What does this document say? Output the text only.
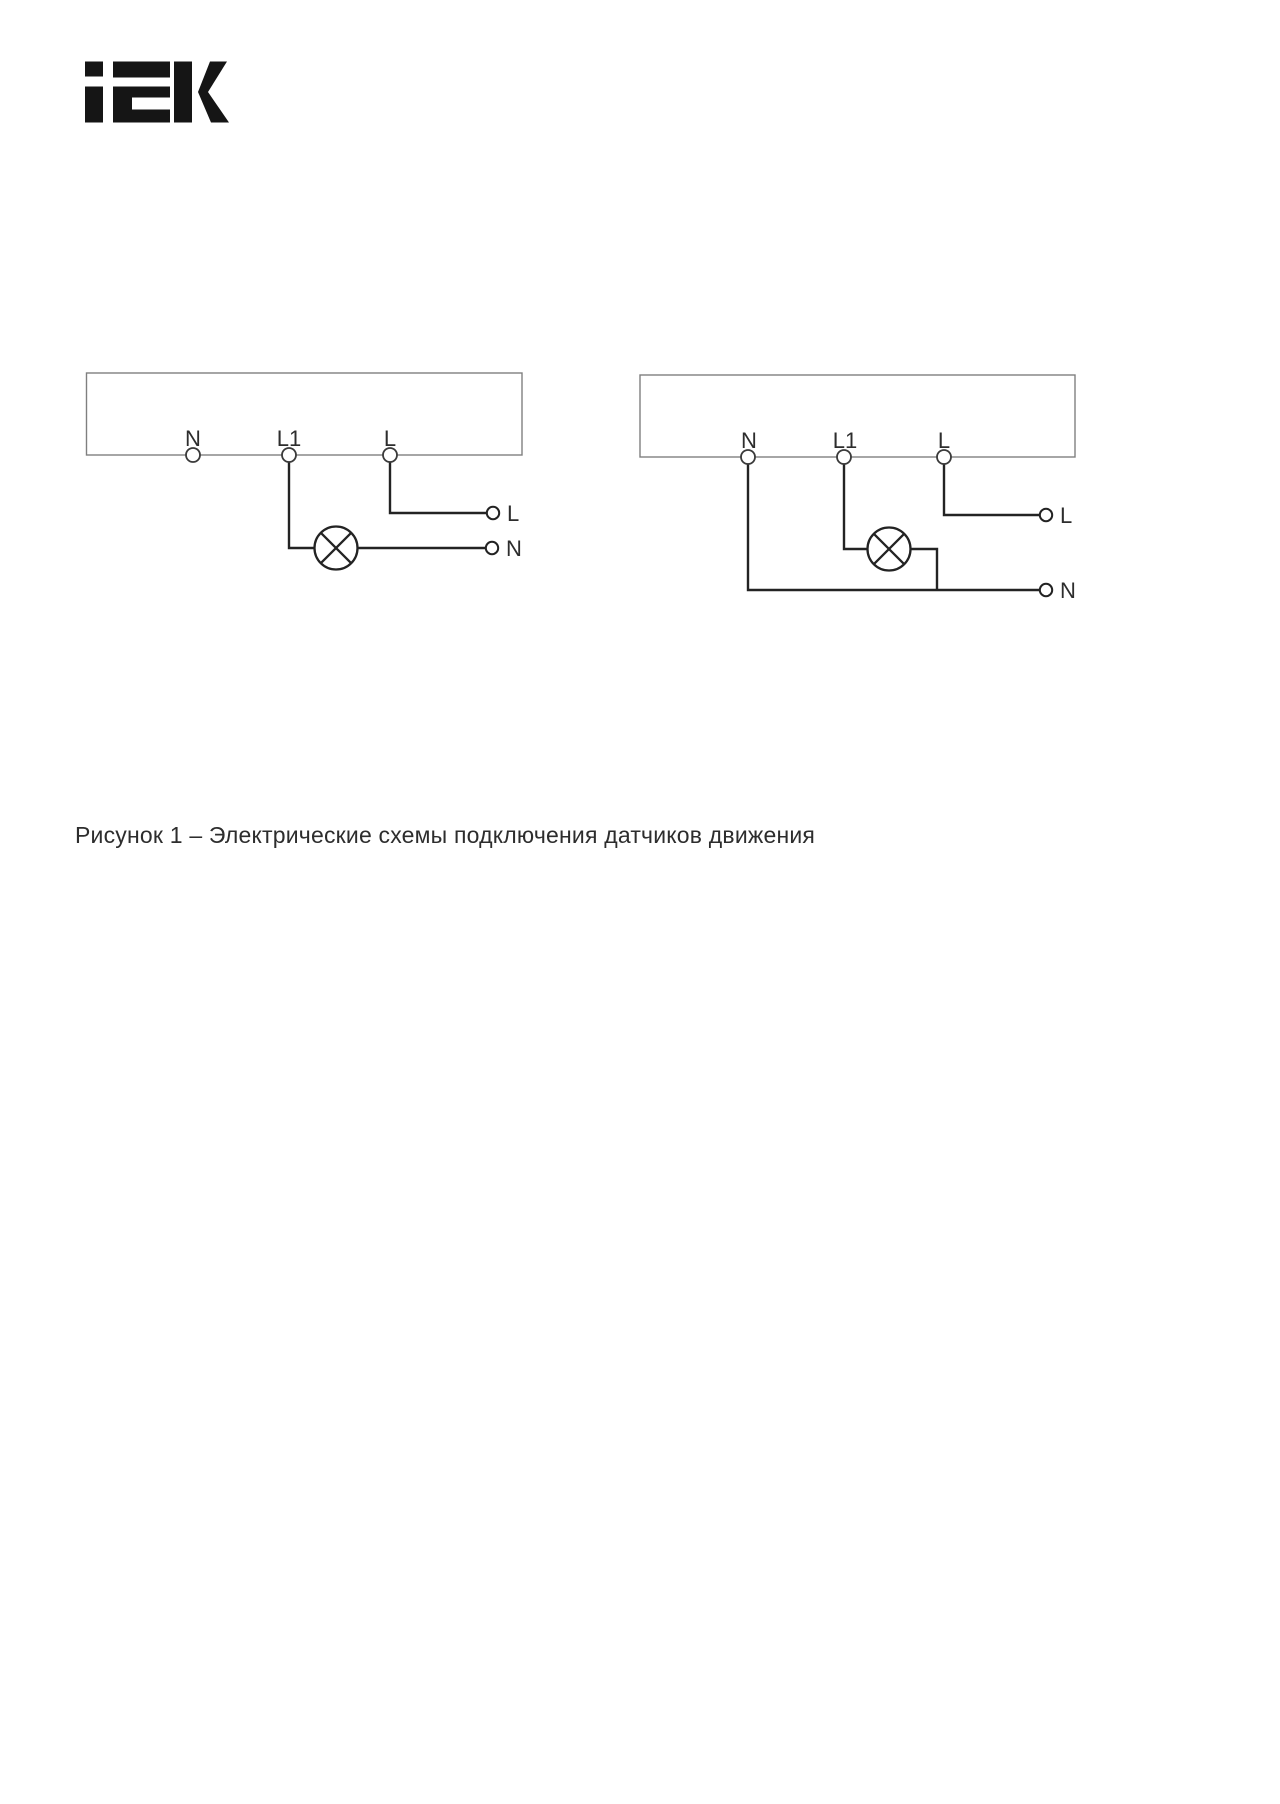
N	L1	L
L
N
N	L1	L
L
N
Рисунок 1 – Электрические схемы подключения датчиков движения
